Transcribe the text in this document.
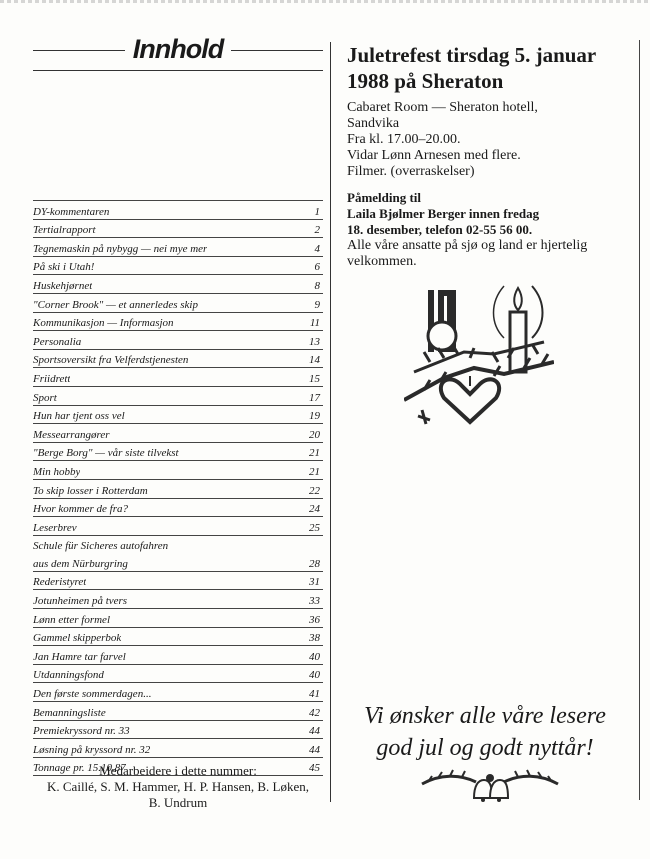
Innhold
DY-kommentaren	1
Tertialrapport	2
Tegnemaskin på nybygg — nei mye mer	4
På ski i Utah!	6
Huskehjørnet	8
"Corner Brook" — et annerledes skip	9
Kommunikasjon — Informasjon	11
Personalia	13
Sportsoversikt fra Velferdstjenesten	14
Friidrett	15
Sport	17
Hun har tjent oss vel	19
Messearrangører	20
"Berge Borg" — vår siste tilvekst	21
Min hobby	21
To skip losser i Rotterdam	22
Hvor kommer de fra?	24
Leserbrev	25
Schule für Sicheres autofahren
aus dem Nürburgring	28
Rederistyret	31
Jotunheimen på tvers	33
Lønn etter formel	36
Gammel skipperbok	38
Jan Hamre tar farvel	40
Utdanningsfond	40
Den første sommerdagen...	41
Bemanningsliste	42
Premiekryssord nr. 33	44
Løsning på kryssord nr. 32	44
Tonnage pr. 15.10.87	45
Medarbeidere i dette nummer:
K. Caillé, S. M. Hammer, H. P. Hansen, B. Løken,
B. Undrum
Juletrefest tirsdag 5. januar
1988 på Sheraton
Cabaret Room — Sheraton hotell,
Sandvika
Fra kl. 17.00–20.00.
Vidar Lønn Arnesen med flere.
Filmer. (overraskelser)
Påmelding til
Laila Bjølmer Berger innen fredag
18. desember, telefon 02-55 56 00.
Alle våre ansatte på sjø og land er hjertelig
velkommen.
Vi ønsker alle våre lesere
god jul og godt nyttår!
